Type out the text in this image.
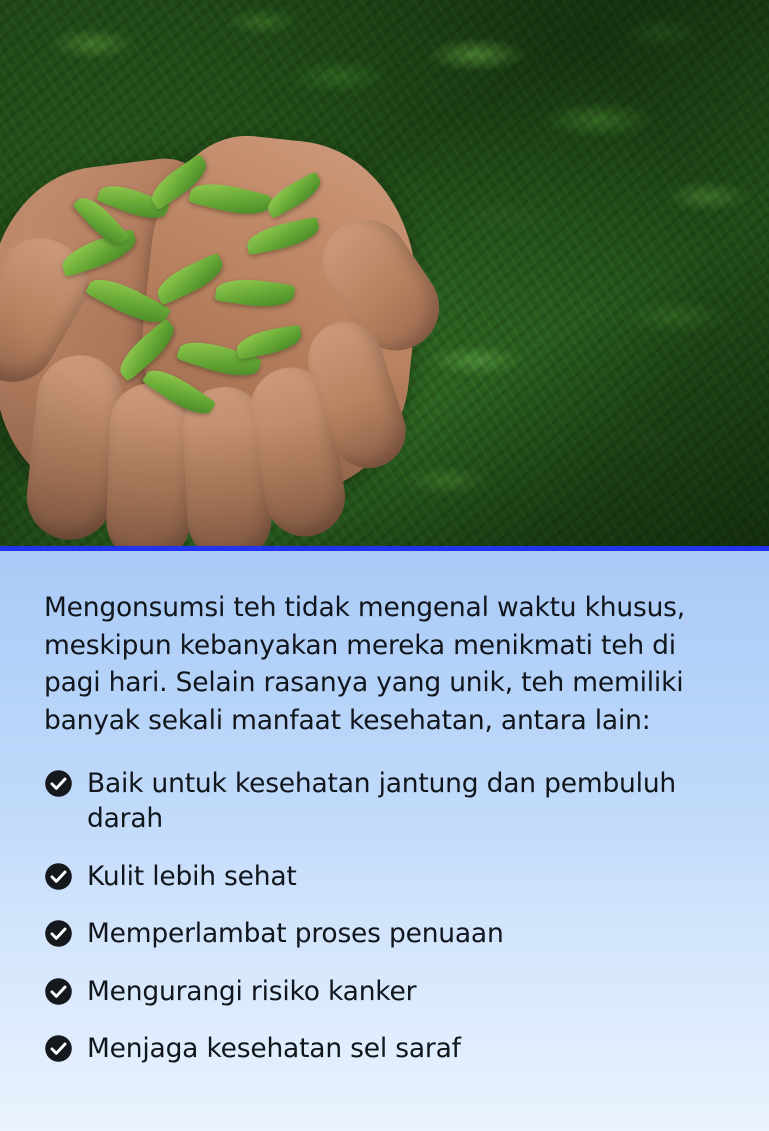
Mengonsumsi teh tidak mengenal waktu khusus, meskipun kebanyakan mereka menikmati teh di pagi hari. Selain rasanya yang unik, teh memiliki banyak sekali manfaat kesehatan, antara lain:

Baik untuk kesehatan jantung dan pembuluh darah
Kulit lebih sehat
Memperlambat proses penuaan
Mengurangi risiko kanker
Menjaga kesehatan sel saraf
